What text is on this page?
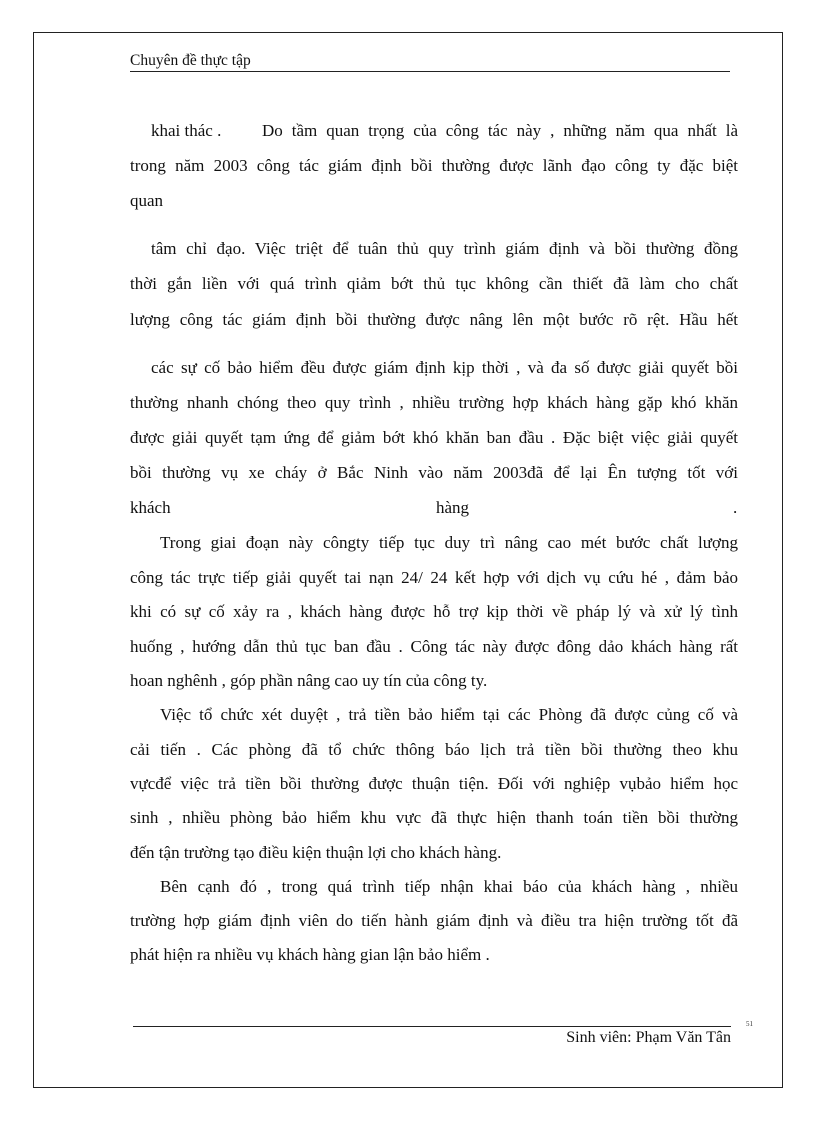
Chuyên đề thực tập
khai thác . Do tầm quan trọng của công tác này , những năm qua nhất là
trong năm 2003 công tác giám định bồi thường được lãnh đạo công ty đặc biệt
quan
tâm chỉ đạo. Việc triệt để tuân thủ quy trình giám định và bồi thường đồng
thời gắn liền với quá trình qiảm bớt thủ tục không cần thiết đã làm cho chất
lượng công tác giám định bồi thường được nâng lên một bước rõ rệt. Hầu hết
các sự cố bảo hiểm đều được giám định kịp thời , và đa số được giải quyết bồi
thường nhanh chóng theo quy trình , nhiều trường hợp khách hàng gặp khó khăn
được giải quyết tạm ứng để giảm bớt khó khăn ban đầu . Đặc biệt việc giải quyết
bồi thường vụ xe cháy ở Bắc Ninh vào năm 2003đã để lại Ên tượng tốt với
khách	hàng	.
Trong giai đoạn này côngty tiếp tục duy trì nâng cao mét bước chất lượng
công tác trực tiếp giải quyết tai nạn 24/ 24 kết hợp với dịch vụ cứu hé , đảm bảo
khi có sự cố xảy ra , khách hàng được hỗ trợ kịp thời về pháp lý và xử lý tình
huống , hướng dẫn thủ tục ban đầu . Công tác này được đông dảo khách hàng rất
hoan nghênh , góp phần nâng cao uy tín của công ty.
Việc tổ chức xét duyệt , trả tiền bảo hiểm tại các Phòng đã được củng cố và
cải tiến . Các phòng đã tổ chức thông báo lịch trả tiền bồi thường theo khu
vựcđể việc trả tiền bồi thường được thuận tiện. Đối với nghiệp vụbảo hiểm học
sinh , nhiều phòng bảo hiểm khu vực đã thực hiện thanh toán tiền bồi thường
đến tận trường tạo điều kiện thuận lợi cho khách hàng.
Bên cạnh đó , trong quá trình tiếp nhận khai báo của khách hàng , nhiều
trường hợp giám định viên do tiến hành giám định và điều tra hiện trường tốt đã
phát hiện ra nhiều vụ khách hàng gian lận bảo hiểm .
51
Sinh viên: Phạm Văn Tân
